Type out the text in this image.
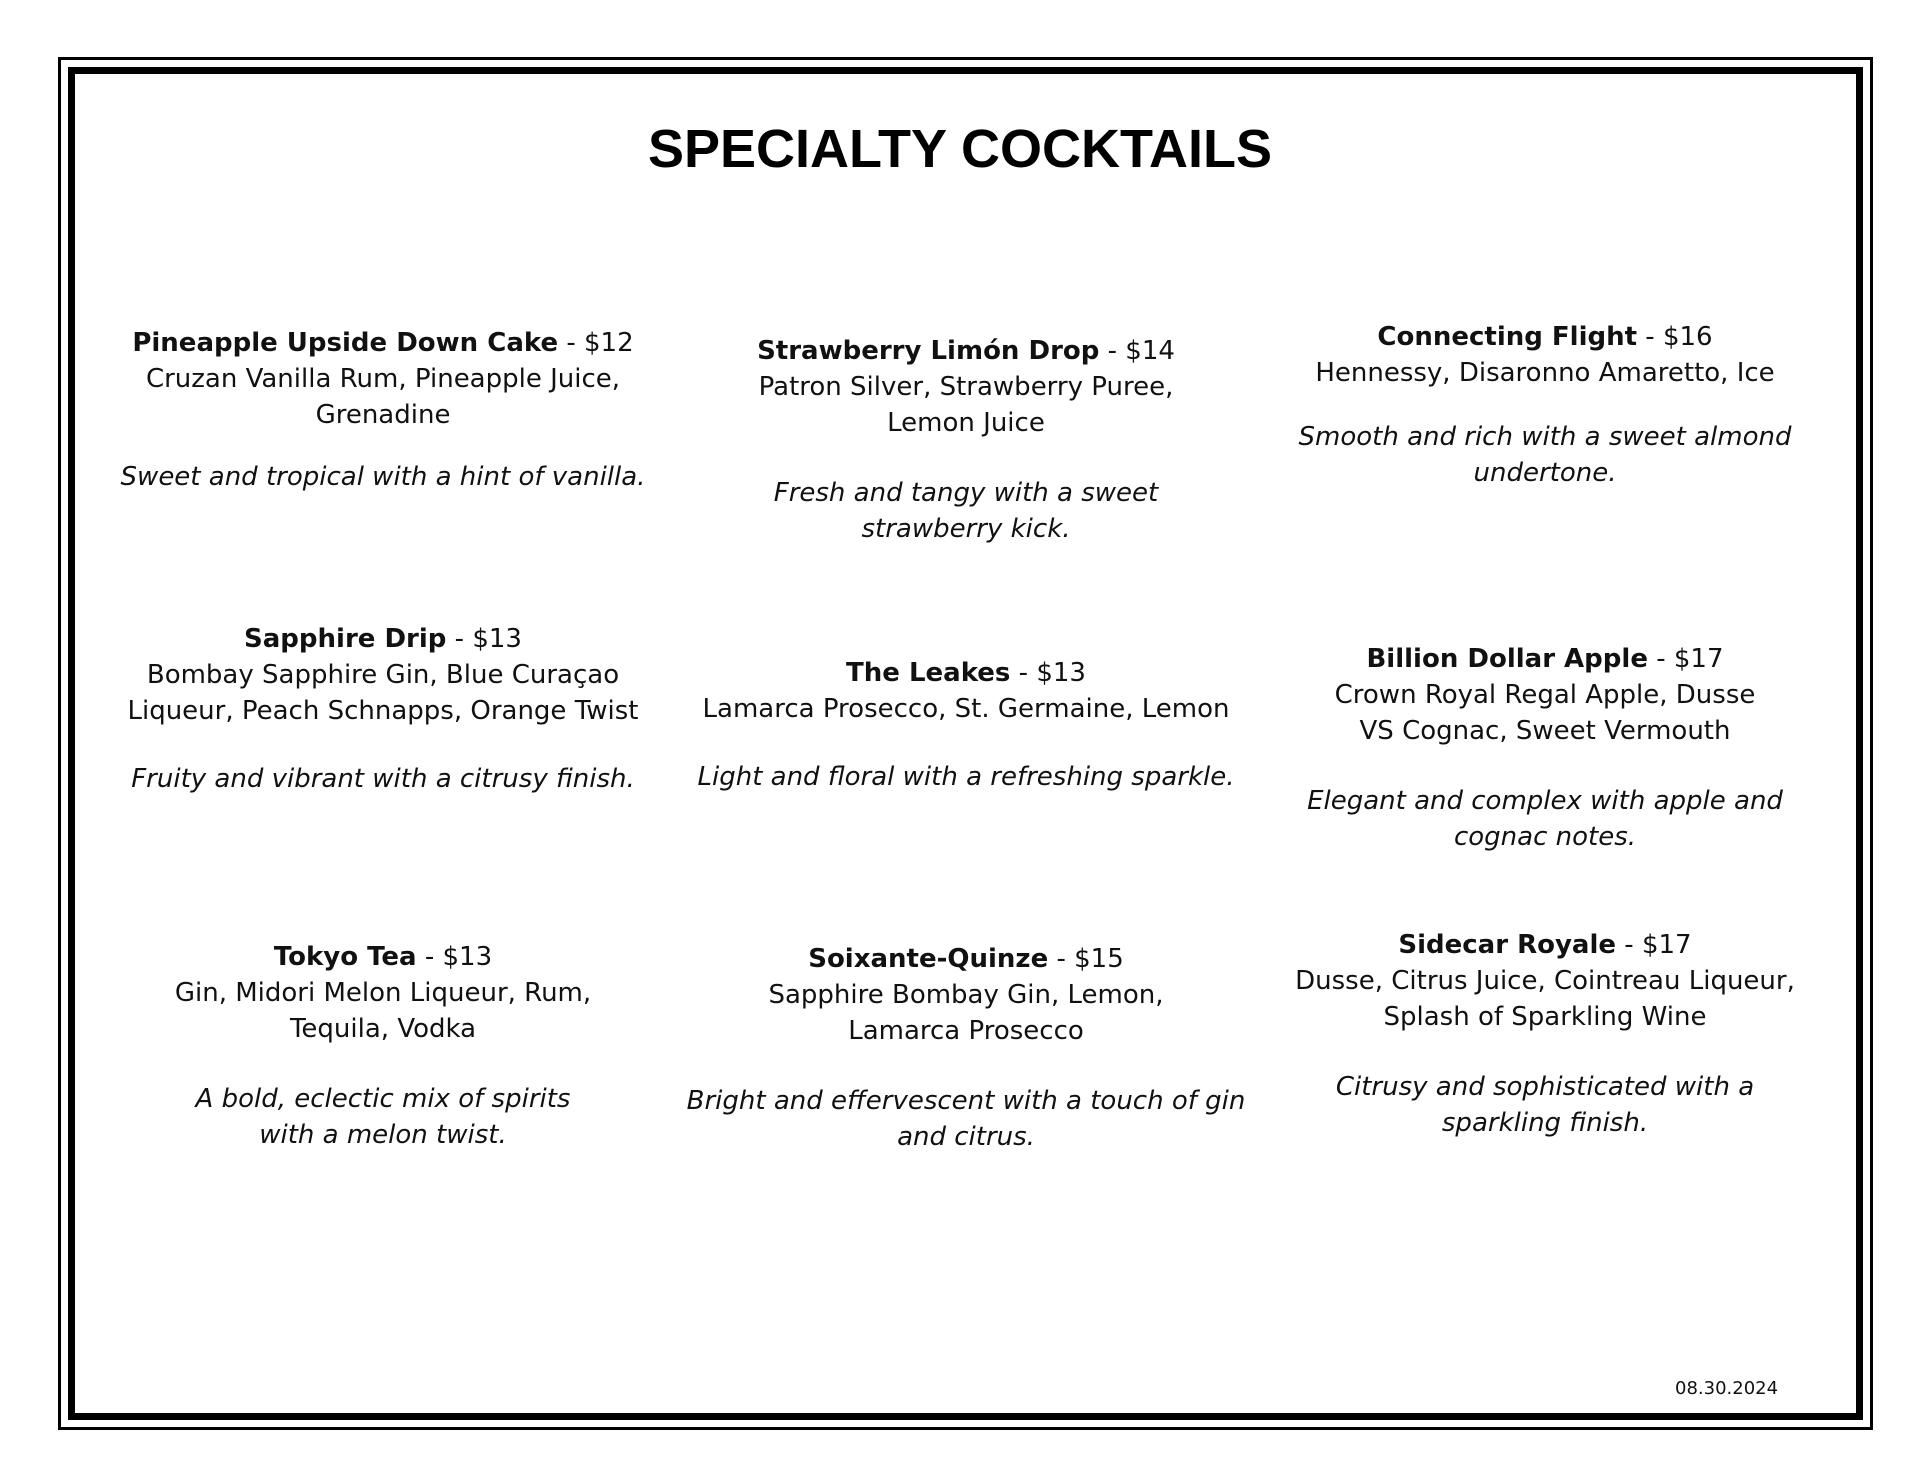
SPECIALTY COCKTAILS
Pineapple Upside Down Cake - $12
Cruzan Vanilla Rum, Pineapple Juice, Grenadine
Sweet and tropical with a hint of vanilla.
Strawberry Limón Drop - $14
Patron Silver, Strawberry Puree, Lemon Juice
Fresh and tangy with a sweet strawberry kick.
Connecting Flight - $16
Hennessy, Disaronno Amaretto, Ice
Smooth and rich with a sweet almond undertone.
Sapphire Drip - $13
Bombay Sapphire Gin, Blue Curaçao Liqueur, Peach Schnapps, Orange Twist
Fruity and vibrant with a citrusy finish.
The Leakes - $13
Lamarca Prosecco, St. Germaine, Lemon
Light and floral with a refreshing sparkle.
Billion Dollar Apple - $17
Crown Royal Regal Apple, Dusse VS Cognac, Sweet Vermouth
Elegant and complex with apple and cognac notes.
Tokyo Tea - $13
Gin, Midori Melon Liqueur, Rum, Tequila, Vodka
A bold, eclectic mix of spirits with a melon twist.
Soixante-Quinze - $15
Sapphire Bombay Gin, Lemon, Lamarca Prosecco
Bright and effervescent with a touch of gin and citrus.
Sidecar Royale - $17
Dusse, Citrus Juice, Cointreau Liqueur, Splash of Sparkling Wine
Citrusy and sophisticated with a sparkling finish.
08.30.2024
